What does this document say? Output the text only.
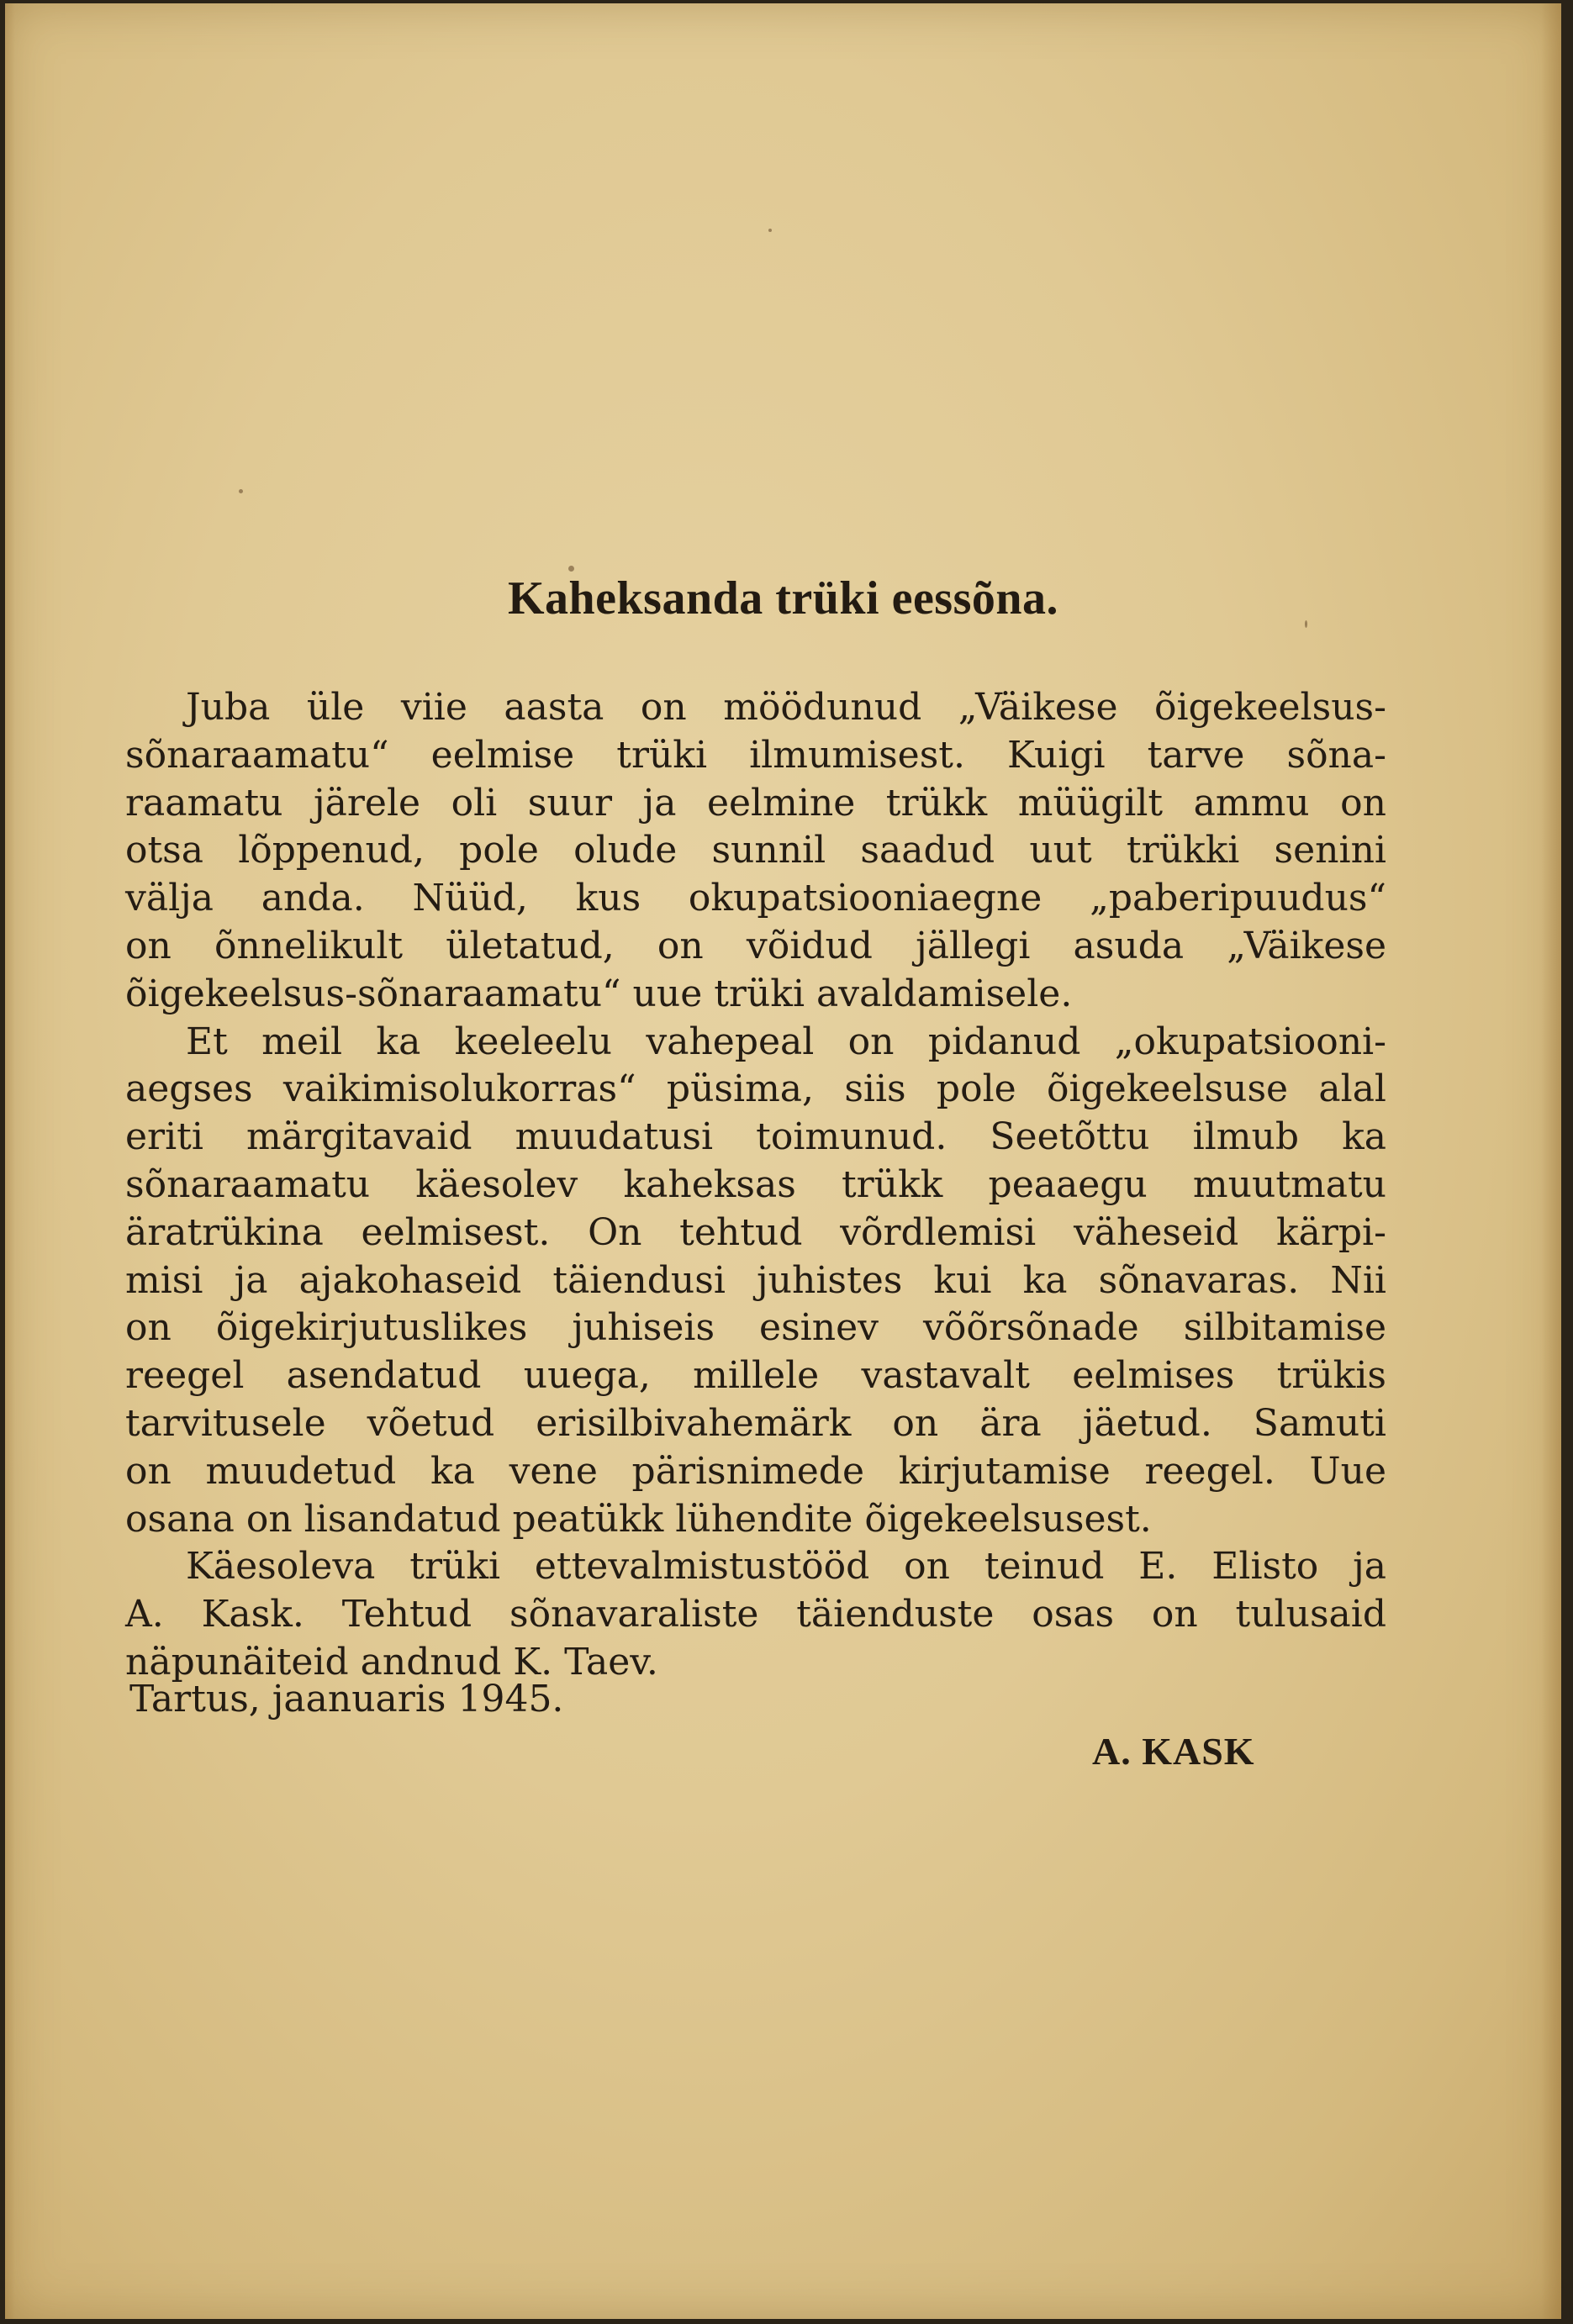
Kaheksanda trüki eessõna.
Juba üle viie aasta on möödunud „Väikese õigekeelsus-
sõnaraamatu“ eelmise trüki ilmumisest. Kuigi tarve sõna-
raamatu järele oli suur ja eelmine trükk müügilt ammu on
otsa lõppenud, pole olude sunnil saadud uut trükki senini
välja anda. Nüüd, kus okupatsiooniaegne „paberipuudus“
on õnnelikult ületatud, on võidud jällegi asuda „Väikese
õigekeelsus-sõnaraamatu“ uue trüki avaldamisele.
Et meil ka keeleelu vahepeal on pidanud „okupatsiooni-
aegses vaikimisolukorras“ püsima, siis pole õigekeelsuse alal
eriti märgitavaid muudatusi toimunud. Seetõttu ilmub ka
sõnaraamatu käesolev kaheksas trükk peaaegu muutmatu
äratrükina eelmisest. On tehtud võrdlemisi väheseid kärpi-
misi ja ajakohaseid täiendusi juhistes kui ka sõnavaras. Nii
on õigekirjutuslikes juhiseis esinev võõrsõnade silbitamise
reegel asendatud uuega, millele vastavalt eelmises trükis
tarvitusele võetud erisilbivahemärk on ära jäetud. Samuti
on muudetud ka vene pärisnimede kirjutamise reegel. Uue
osana on lisandatud peatükk lühendite õigekeelsusest.
Käesoleva trüki ettevalmistustööd on teinud E. Elisto ja
A. Kask. Tehtud sõnavaraliste täienduste osas on tulusaid
näpunäiteid andnud K. Taev.
Tartus, jaanuaris 1945.
A. KASK
